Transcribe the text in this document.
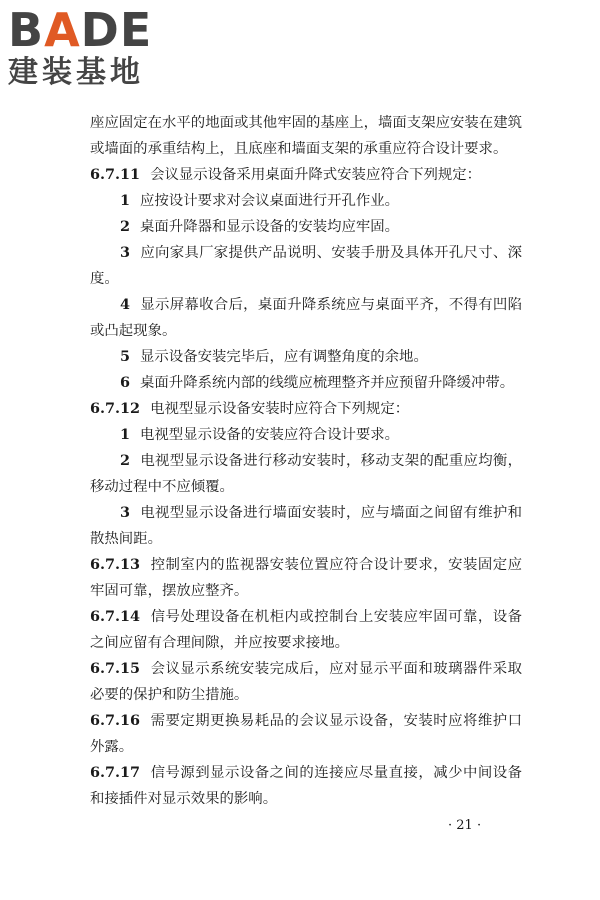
BADE
建装基地

座应固定在水平的地面或其他牢固的基座上，墙面支架应安装在建筑或墙面的承重结构上，且底座和墙面支架的承重应符合设计要求。

6.7.11 会议显示设备采用桌面升降式安装应符合下列规定：

1 应按设计要求对会议桌面进行开孔作业。

2 桌面升降器和显示设备的安装均应牢固。

3 应向家具厂家提供产品说明、安装手册及具体开孔尺寸、深度。

4 显示屏幕收合后，桌面升降系统应与桌面平齐，不得有凹陷或凸起现象。

5 显示设备安装完毕后，应有调整角度的余地。

6 桌面升降系统内部的线缆应梳理整齐并应预留升降缓冲带。

6.7.12 电视型显示设备安装时应符合下列规定：

1 电视型显示设备的安装应符合设计要求。

2 电视型显示设备进行移动安装时，移动支架的配重应均衡，移动过程中不应倾覆。

3 电视型显示设备进行墙面安装时，应与墙面之间留有维护和散热间距。

6.7.13 控制室内的监视器安装位置应符合设计要求，安装固定应牢固可靠，摆放应整齐。

6.7.14 信号处理设备在机柜内或控制台上安装应牢固可靠，设备之间应留有合理间隙，并应按要求接地。

6.7.15 会议显示系统安装完成后，应对显示平面和玻璃器件采取必要的保护和防尘措施。

6.7.16 需要定期更换易耗品的会议显示设备，安装时应将维护口外露。

6.7.17 信号源到显示设备之间的连接应尽量直接，减少中间设备和接插件对显示效果的影响。

· 21 ·
